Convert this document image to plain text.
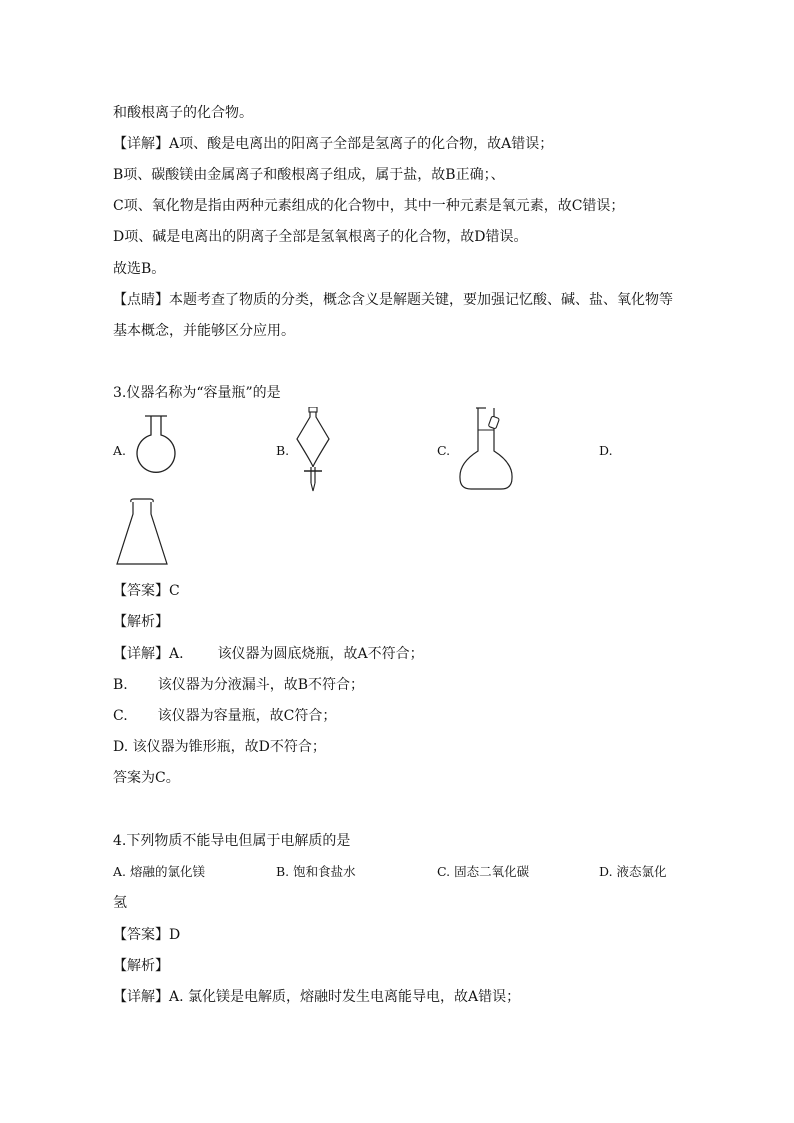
和酸根离子的化合物。
【详解】A项、酸是电离出的阳离子全部是氢离子的化合物，故A错误；
B项、碳酸镁由金属离子和酸根离子组成，属于盐，故B正确；、
C项、氧化物是指由两种元素组成的化合物中，其中一种元素是氧元素，故C错误；
D项、碱是电离出的阴离子全部是氢氧根离子的化合物，故D错误。
故选B。
【点睛】本题考查了物质的分类，概念含义是解题关键，要加强记忆酸、碱、盐、氧化物等
基本概念，并能够区分应用。
3.仪器名称为“容量瓶”的是
A.	B.	C.	D.
【答案】C
【解析】
【详解】A. 该仪器为圆底烧瓶，故A不符合；
B. 该仪器为分液漏斗，故B不符合；
C. 该仪器为容量瓶，故C符合；
D. 该仪器为锥形瓶，故D不符合；
答案为C。
4.下列物质不能导电但属于电解质的是
A. 熔融的氯化镁	B. 饱和食盐水	C. 固态二氧化碳	D. 液态氯化
氢
【答案】D
【解析】
【详解】A. 氯化镁是电解质，熔融时发生电离能导电，故A错误；
